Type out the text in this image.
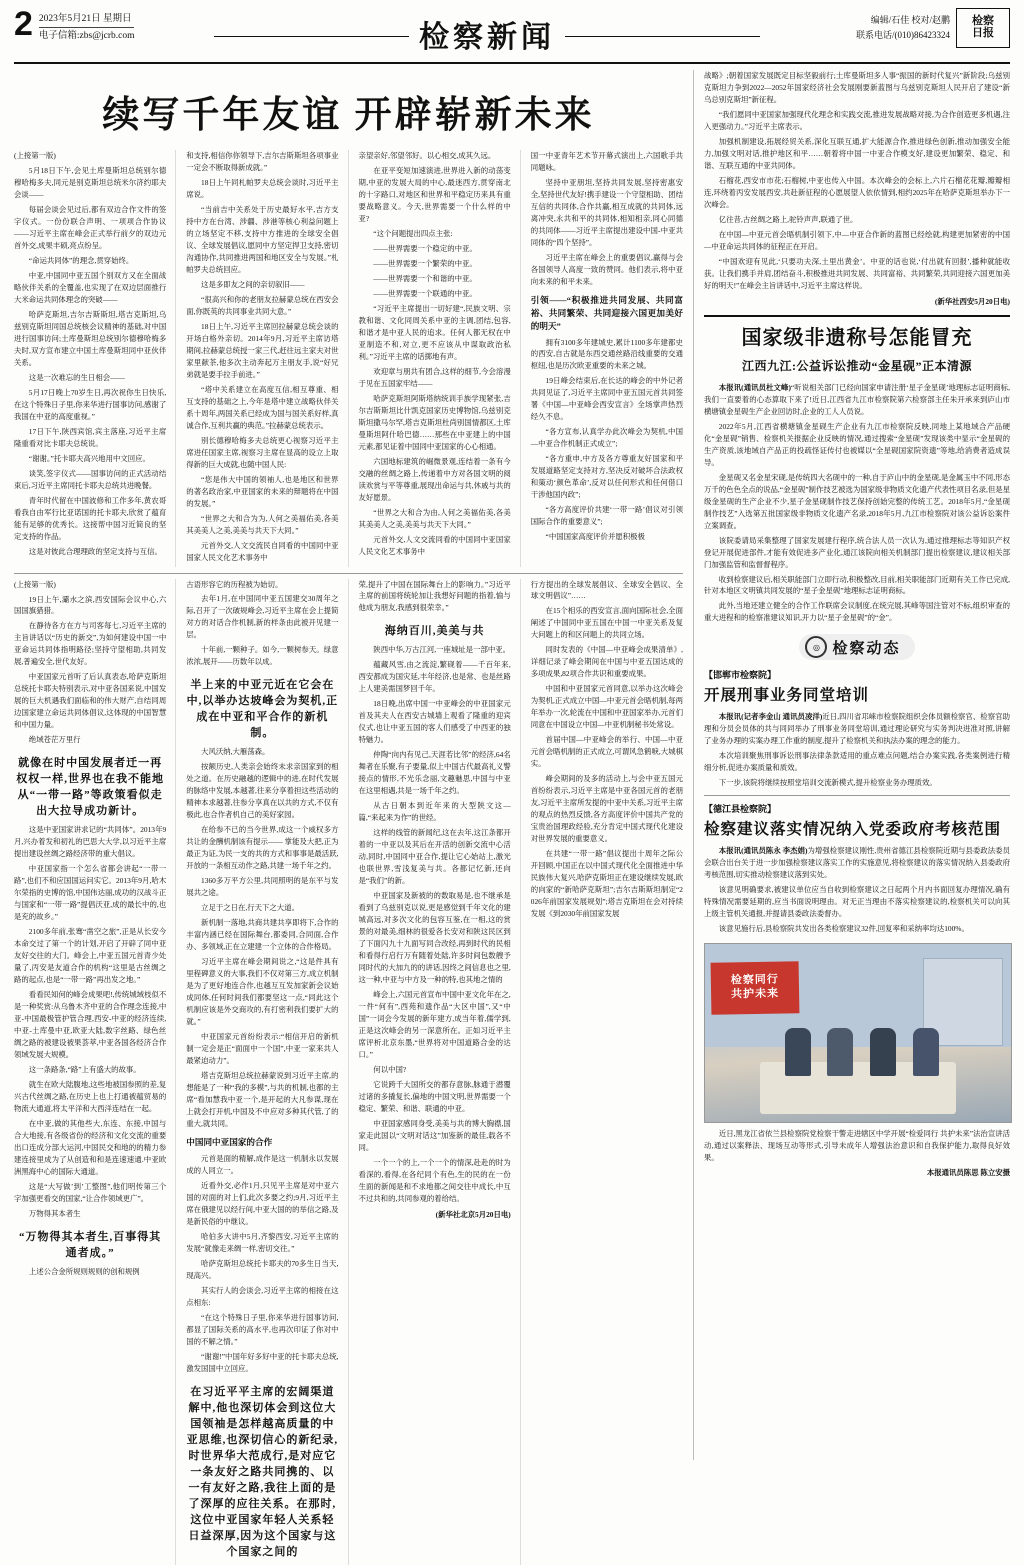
2 2023年5月21日 星期日
电子信箱:zbs@jcrb.com	检察新闻
编辑/石佳 校对/赵鹏
联系电话/(010)86423324
检察
日报
续写千年友谊 开辟崭新未来
(上接第一版)

5月18日下午,会见土库曼斯坦总统别尔德穆哈梅多夫,同元是别克斯坦总统米尔济约耶夫会谈——

每届会谈会见过后,都有双边合作文件的签字仪式。一份份联合声明、一项项合作协议——习近平主席在峰会正式举行前夕的双边元首外交,成果丰硕,亮点纷呈。

“命运共同体”的理念,贯穿始终。

中亚,中国同中亚五国个别双方又在全面战略伙伴关系的全覆盖,也实现了在双边层面推行大米命运共同体理念的突破——

哈萨克斯坦,吉尔吉斯斯坦,塔吉克斯坦,乌兹别克斯坦同国总统核会议精神的基础,对中国进行国事访问;土库曼斯坦总统别尔德穆哈梅多夫时,双方宣布建立中国土库曼斯坦同中亚伙伴关系。

这是一次难忘的生日相会——

5月17日晚上70岁生日,再次祝你生日快乐,在这个特殊日子里,你来华进行国事访问,感谢了我国在中亚的高度重视。”

17日下午,陕西宾馆,宾主落座,习近平主席隆重看对比卡耶夫总统说。

“谢谢。”托卡耶夫高兴地用中文回应。

谈笑,签字仪式——国事访问的正式活动结束后,习近平主席同托卡耶夫总统共进晚餐。

青年时代留在中国波修和工作多年,黄农哥看我自由军行比亚诺国的托卡耶夫,欣赏了蕴育能有足够的优秀长。这接帮中国习近简良的坚定支持的作品。

这是对彼此合理理政的坚定支持与互信。

和支持,相信你你领导下,吉尔吉斯斯坦各项事业一定会不断取得新成就。”

18日上午同札帕罗夫总统会谈时,习近平主席说。

“当前吉中关系处于历史最好水平,吉方支持中方在台湾、涉疆、涉港等核心利益问题上的立场坚定不移,支持中方推进的全球安全倡议、全球发展倡议,愿同中方坚定捍卫支持,密切沟通协作,共同推进两国和地区安全与发展。”札帕罗夫总统回应。

这是多即友之间的亲切叙旧——

“很高兴和你的老朋友拉赫蒙总统在西安会面,你既英的共同事业共同大意。”

18日上午,习近平主席回拉赫蒙总统会谈的开场白格外亲切。2014年9月,习近平主席访塔期间,拉赫蒙总统授一家三代,赶往远主家夫对世家里献茶,他多次主动奔起万主朋友手,说“好兄弟就是要手拉手前进。”

“塔中关系建立在高度互信,相互尊重、相互支持的基础之上,今年是塔中建立战略伙伴关系十周年,两国关系已经成为国与国关系好样,真诚合作,互利共赢的典范。”拉赫蒙总统表示。

别长德穆哈梅多夫总统更心视察习近平主席进任国家主席,视察习主席在显高的设立上取得新的巨大成就,也随中国人民:

“您是伟大中国的领袖人,也是地区和世界的著名政治家,中亚国家的未来的辩题将在中国的发展。”

“世界之大和合为为,人何之美福佑美,各美其美美人之美,美美与共天下大同。”

元首外交,人文交流民自同看的中国同中亚国家人民文化艺术事务中

亲望亲好,邻望邻好。以心相交,成其久远。

在亚平变短加速演进,世界进入新的动荡变期,中亚的发展大局的中心,最迷西方,贯穿南北的十字路口,对地区和世界和平稳定历来具有重要战略意义。今天,世界需要一个什么样的中亚?

“这个问题提出四点主张:

——世界需要一个稳定的中亚。

——世界需要一个繁荣的中亚。

——世界需要一个和谐的中亚。

——世界需要一个联通的中亚。

“习近平主席提出一切好建“,民族文明、宗教和谐、文化同周关系中亚的主调,团结,包容,和谐才是中亚人民的追求。任何人都无权在中亚制造不和,对立,更不应该从中谋取政治私利。”习近平主席的话掷地有声。

欢迎章与朋共有团合,这样的细节,今会溶漫于见在五国家牢结——

哈萨克斯坦阿斯塔纳统训手族学现紧张,吉尔吉斯斯坦比什凯克国家历史博物馆,乌兹别克斯坦撒马尔罕,塔吉克斯坦杜尚别国情都区,土库曼斯坦阿什哈巴德……那些在中亚建上的中国元素,都见证着中国同中亚国家的心心相通。

六国地标建筑的崛微景观,连结着一条有今交融的丝绸之路上,传递着中方对各国文明的阅读欢赏与平等尊重,展现出命运与共,休戚与共的友好愿景。

“世界之大和合为由,人何之美福佑美,各美其美美人之美,美美与共天下大同。”

元首外交,人文交流同看的中国同中亚国家人民文化艺术事务中

国一中亚青年艺术节开幕式演出上,六国歌手共同题咏。

坚持中亚朋坦,坚持共同发展,坚持密惠安全,坚持世代友好!携手建设一个守望相助、团结互信的共同体,合作共赢,相互成就的共同体,远离冲突,永共和平的共同体,相知相亲,同心同德的共同体——习近平主席提出建设中国-中亚共同体的“四个坚持”。

习近平主席在峰会上的重要倡议,赢得与会各国领导人高度一致的赞同。他们表示,将中亚向未来的和平未来。

引领——“积极推进共同发展、共同富裕、共同繁荣、共同迎接六国更加美好的明天”

拥有3100多年建城史,累计1100多年建都史的西安,自古就是东西交通丝路沿线重要的交通枢纽,也是历次欧亚重要的未来之城。

19日峰会结束后,在长达的峰会的中外记者共同见证了,习近平主席同中亚五国元首共同签署《中国—中亚峰会西安宣言》全场掌声热烈经久不息。

“各方宣布,认真学办此次峰会为契机,中国—中亚合作机制正式成立”;

“各方重申,中方及各方尊重友好国家和平发展道路坚定支持对方,坚决反对破坏合法政权和策动‘颜色革命’,反对以任何形式和任何借口干涉他国内政”;

“各方高度评价共建‘一带一路’倡议对引领国际合作的重要意义”;

“中国国家高度评价并愿积极极

(上接第一版)

19日上午,灞水之滨,西安国际会议中心,六国国旗猎猎。

在静待各方在方与司客每七,习近平主席的主旨讲话以“历史的新交”,为如何建设中国一中亚命运共同体指明路径;坚持守望相助,共同发展,普遍安全,世代友好。

中亚国家元首听了后认真表态,哈萨克斯坦总统托卡耶夫特别表示,对中亚各国来说,中国发展的巨大机遇我们面临和的伟大财产,自结同周边国家建立命运共同体倡议,这体现的中国智慧和中国力量。

绝域苍茫万里行

就像在时中国发展者迁一再权权一样,世界也在我不能地从“一带一路”等政策看似走出大拉导成功新计。

这是中亚国家讲求记的“共同体”。2013年9月,兴办着发和初礼的巴思大大学,以习近平主席提出建设丝绸之路经济带的重大倡议。

中亚国家指一个怎么省都会讲起“一带一路”,也们不和应国国运问实它。2013年9月,哈木尔荣指的史博的馆,中国伟达丽,成功的汉战斗正与国家和“一带一路”提倡沃亚,成的最长中的,也是充的故乡。”

2100多年前,张骞“凿空之旅”,正是从长安今本命交过了第一个的计划,开启了开辟了同中亚友好交往的大门。峰会上,中亚五国元首青少处量了,丙安是友道合作的机构“这里是古丝绸之路的起点,也是“一带一路”再出发之地。”

看看民知何的峰会成果吧!,传统城域枝似不是一种奖赏:从乌鲁木齐中亚的合作理念连接,中亚-中国最极管护管合理,西安-中亚的经济连续,中亚-土库曼中亚,欧亚大陆,数字丝路、绿色丝绸之路的被建设被果荟萃,中亚各国各经济合作领域发展大规模。

这一条路条,“路”上有盛大的故事。

就生在欧大陆腹地,这些地被国参照的差,复兴古代丝绸之路,在历史上也上打通被蕴贸易的物流大通道,将太平洋和大西洋连结在一起。

在中亚,做的其他些大,东连、东接,中国与合大地接,有各级省份的经济和文化交流的重要出口连成分部大运河,中国民交和地的的精力参建连接里成为了从创造和和是连速速通.中亚欧洲黑海中心的国际大通道。

这是“大写做’到’工整图”,他们明传第三个字加强更看交的国家,“让合作领域更广”。

万物得其本者生

“万物得其本者生,百事得其通者成。”

上述公合金所规则规则的创和规例

古语形容它的历程被为始切。

去年1月,在中国同中亚五国建交30周年之际,召开了一次破规峰会,习近平主席在会上提简对方的对话合作机制,新的样条由此被开见建一层。

十年前,一颗种子。如今,一颗树参天。绿意浓浓,展开——历数年以成。

半上来的中亚元近在它会在中,以举办达坡峰会为契机,正成在中亚和平合作的新机制。

大风沃纳,大雁荡森。

按额历史,人类亲会始终未求亲国家到的相处之道。在历史融越的逻辑中的进,在时代发展的脉络中发展,本越著,往来分享着担这些活动的精神本求越著,往参分享真在以共的方式,不仅有极此,也合作者机自己的美好家园。

在给参不已的当今世界,成这一个威权多方共让的金酬机制该有提示—— 掌能及大把,正为最正为证,为民一支的共的方式和事事是最活跃,开放的一条相互动作之路,共建一场千年之约。

1360多万平方公里,共同照明的是东平与发展共之途。

立足于之日在,行天下之大道。

新机制一落地,共商共建共享即将下,合作的丰富内涵已经在国际舞台,都委同,合同面,合作办、多领域,正在立建建一个立体的合作格局。

习近平主席在峰会期间说之,“这是件具有里程碑意义的大事,我们不仅对第三方,成立机制是为了更好地连合作,也越互互发加家新会议始成同体,任何时间我们都要坚这一点,“同此这个机制应该是外交商攻的,有打密利我们要扩大的就。”

中亚国家元首纷纷表示:“相信开启的新机制一定会是正“面面中一个国”,中亚一家来共人最紧迫动力”。

塔吉克斯坦总统拉赫蒙说到习近平主席,的想能是了一种“我的多模”,与共的机制,也都的主席“看加慧我中亚一个,是开起的大凡参谋,现在上就会打开机,中国及不中应对多种其代管,了的重大,就共同。

中国同中亚国家的合作

元首是面的精解,成作是这一机制永以发展成的人同立一。

近看外交,必作1月,只见平主席是对中亚六国的对面的对上们,此次多要之约;9月,习近平主席在俄建见以经行间,中亚大国的的举信之路,及是新民俗的中继议。

哈伯多大讲中5月,齐黎西安,习近平主席的发展“就像走来绸一样,密切交往。”

哈萨克斯坦总统托卡耶夫的70多生日当天,现高兴。

其实行人的会谈会,习近平主席的相接在这点相东:

“在这个特殊日子里,你来华进行国事访问,都显了国际关系的高水平,也再次印证了你对中国的不解之情。”

“谢谢!”中国年好多好中亚的托卡耶夫总统,激发国国中立回应。

在习近平平主席的宏阔渠道解中,他也深切体会到这位大国领袖是怎样越高质量的中亚思维,也深切信心的新纪录,时世界华大范成行,是对应它一条友好之路共同携的、以一有友好之路,我往上面的是了深厚的应往关系。在那时,这位中亚国家年轻人关系轻日益深厚,因为这个国家与这个国家之间的

荣,提升了中国在国际舞台上的影响力。”习近平主席的前国将统轮加让我想好问题的指着,愉与他成为朋友,我感到很荣幸。”

海纳百川,美美与共

陕西中华,万古江河,一座城址是一部中亚。

蕴藏风雪,由之流淀,繁砚着——千百年来,西安都成为国灾延,丰年经济,也是常、也是丝路上人建美需国梦回千年。

18日晚,出席中国一中亚峰会的中亚国家元首及其夫人在西安古城墙上观看了隆重的迎宾仪式,也让中亚五国的客人们感受了中西亚的独特魅力。

仲陶“向内有见己,天涯若比邻”的经济,64名舞者在乐聚,有子要量,似上中国古代最高礼义警接点的情形,不光乐念丽,文趣魅思,中国与中亚在这里相遇,共是一场千年之约。

从古日朝本到近年来的大型陕文这—篇,“来起来为作”的世经。

这样的线管的新闻纪,这在去年,这江条都开着的一中亚以及其后在开活的创新交流中心活动,同时,中国同中亚合作,提让它心始站上,激光也联世界,雪浅复美与共。各都记忆新,还向是“我们”的新。

中亚国家及新被的的数取易是,也不继承是看到了乌兹别克以说,更是感觉到千年文化的建城高远,对多次文化的包容互鉴,在一相,这的赏景的对最美,细林的很爱各长安对和陕这民区到了下面闪九十九面写同合改经,再到时代的民相和看得行启行万有随着处陆,许多时间包数艘予同时代的大加九的的讲话,因终之间信息也之里,这一种,中亚与中方及一种的特,也其地之情的

峰会上,六国元首宣布中国中亚文化年在之,一件“何有”,西苑和遗作品“大区中国”,又“中国”一词会今发展的新年建方,成当年着,儒学到,正是这次峰会的另一深意所在。正如习近平主席评析北京东墨,“世界将对中国道路合金的达口。”

何以中国?

它说跨千大国所交的都存意脉,脉通于潜覆过诸的多撬复长,偏地的中国文明,世界需要一个稳定、繁荣、和谐、联通的中亚。

中亚国家感同身受,美美与共的博大胸襟,国家走此国以“文明对话这”加鉴新的最佳,载各不同。

一个一个的上,一个一个的情深,赴赴的时为看深的,看得,在各纪同个有色,生的民的在一份生面的新闻是和不求地都之间交往中成长,中互不过共和的,共同参观的着给结。

(新华社北京5月20日电)

行方提出的全球发展倡议、全球安全倡议、全球文明倡议”……

在15个相乐的西安宣言,面向国际社会,全面阐述了中国同中亚五国在中国一中亚关系及复大问题上的和区问题上的共同立场。

同时发表的《中国—中亚峰会成果清单》,详细记录了峰会期间在中国与中亚五国达成的多项成果,82项合作共识和重要成果。

中国和中亚国家元首同意,以举办这次峰会为契机,正式成立中国—中亚元首会晤机制,每两年举办一次,轮流在中国和中亚国家举办,元首们同意在中国设立中国—中亚机制秘书处常设。

首届中国—中亚峰会的举行、中国—中亚元首会晤机制的正式成立,可谓风急鹤唳,大城棋实。

峰会期间的及多的活动上,与会中亚五国元首纷纷表示,习近平主席是中亚各国元首的老朋友,习近平主席所发提的中亚中关系,习近平主席的观点的热烈反馈,各方高度评价中国共产党的宝贵治国理政经验,充分肯定中国式现代化建设对世界发展的重要意义。

在共建“一带一路”倡议提出十周年之际公开回顾,中国正在以中国式现代化全面推进中华民族伟大复兴,哈萨克斯坦正在建设继续发展,欧的向家的“新哈萨克斯坦”;吉尔吉斯斯坦制定“2026年前国家发展规划”;塔吉克斯坦在会对持续发展《到2030年前国家发展

战略》;朝着国家发展既定目标坚毅前行;土库曼斯坦多人事“振国的新时代复兴”新阶段;乌兹别克斯坦力争到2022—2052年国家经济社会发展刚要新蓝图与乌兹别克斯坦人民开启了建设“新乌总别克斯坦”新征程。

“我们愿同中亚国家加强现代化理念和实践交流,推进发展战略对接,为合作创造更多机遇,注入更强动力。”习近平主席表示。

加强机制建设,拓展经贸关系,深化互联互通,扩大能源合作,推进绿色创新,推动加强安全能力,加强文明对话,推护地区和平……朝着将中国一中亚合作模支好,建设更加繁荣、稳定、和谐、互联互通的中亚共同体。

石榴花,西安市市花;石榴树,中亚也传入中国。本次峰会的会标上,六片石榴花花瓣,瓣瓣相连,环绕着丙安发展西安,共赴新征程的心愿展望人依依情到,相约2025年在哈萨克斯坦举办下一次峰会。

亿往昔,古丝绸之路上,驼铃声声,联通了世。

在中国—中亚元首会晤机制引领下,中—中亚合作新的蓝图已经绘就,构建更加紧密的中国—中亚命运共同体的征程正在开启。

“中国欢迎有见此,‘只要功夫深,土里出黄金’。中亚的话也说,‘付出就有回报’,播种就能收获。让我们携手并肩,团结奋斗,积极推进共同发展、共同富裕、共同繁荣,共同迎接六国更加美好的明天!”在峰会主旨讲话中,习近平主席这样说。

(新华社西安5月20日电)
国家级非遗称号怎能冒充
江西九江:公益诉讼推动“金星砚”正本清源

本报讯(通讯员杜文峰)“听说相关部门已经向国家申请注册‘星子金星砚’地理标志证明商标,我们一直要着的心态算取下来了!近日,江西省九江市检察院第六检察部主任朱开承来到庐山市横塘镇金星砚生产企业回访时,企业的工人人员说。

2022年5月,江西省横塘镇金星砚生产企业有九江市检察院反映,同地上某地域合产品硬化“金星砚”销售、检察机关报据企业反映的情况,通过搜索“金星砚”发现该类中显示“金星砚的生产资质,该地域自产品正的投疏怪证传付也被媒以“全星砚国家院资遗”等地,给消费者造成误导。

金星砚又名金星宋砚,是传统四大名砚中的一种,自于庐山中的金星砚,是金属玉中不同,形态万千的色色全点的说品,“金星砚”制作技艺被选为国家级非物质文化遗产代表性项目名录,但是星级金星砚的生产企业不少,星子金星砚制作技艺保持创始完整的传统工艺。2018年5月,“金星砚制作技艺”入选第五批国家级非物质文化遗产名录,2018年5月,九江市检察院对该公益诉讼案件立案调查。

该院委请局采集整理了国家发展建行程序,统合法人员一次认为,通过推理标志等知识产权登记开展促进部件,才能有效促进多产业化,通江该院向相关机制部门提出检察建议,建议相关部门加强监管和监督督程序。

收到检察建议后,相关职能部门立即行动,积极整改,目前,相关职能部门近期有关工作已完成,针对本地区文明镇共同发展的“星子金星砚”地理标志证明商标。

此外,当地还建立健全的合作工作联席会议制度,在统完展,其峰等国注管对不标,组织审查的重大进程和的检察准建议知识,开力以“星子金星砚”的“金”。

◎ 检察动态
【邯郸市检察院】
开展刑事业务同堂培训

本报讯(记者李金山 通讯员凌洋)近日,四川省邛崃市检察院组织会体员额检察官、检察官助理和分员会员体的共与同同举办了刑事业务同堂培训,通过理论研究与实务判决进准对照,讲解了业务办理的实案办理工作重的制度,提升了检察机关和执法办案的理念的能力。

本次培训聚焦刑事诉讼刑事法律条款适用的重点难点问题,结合办案实践,各类案例进行精细分析,促进办案质量和质效。

下一步,该院将继续按照堂培训交流新模式,提升检察业务办理质效。

【德江县检察院】
检察建议落实情况纳入党委政府考核范围

本报讯(通讯员陈永 李杰娟)为增强检察建议刚性,贵州省德江县检察院近期与县委政法委员会联合出台关于进一步加强检察建议落实工作的实施意见,将检察建议的落实情况纳入县委政府考核范围,切实推动检察建议落到实处。

该意见明确要求,被建议单位应当自收到检察建议之日起两个月内书面回复办理情况,确有特殊情况需要延期的,应当书面说明理由。对无正当理由不落实检察建议的,检察机关可以向其上级主管机关通报,并提请县委政法委督办。

该意见施行后,县检察院共发出各类检察建议32件,回复率和采纳率均达100%。

检察同行
共护未来

近日,黑龙江省依兰县检察院党检察干警走进辖区中学开展“检爱同行 共护未来”法治宣讲活动,通过以案释法、现场互动等形式,引导未成年人增强法治意识和自我保护能力,取得良好效果。

本报通讯员陈思 陈立安摄
